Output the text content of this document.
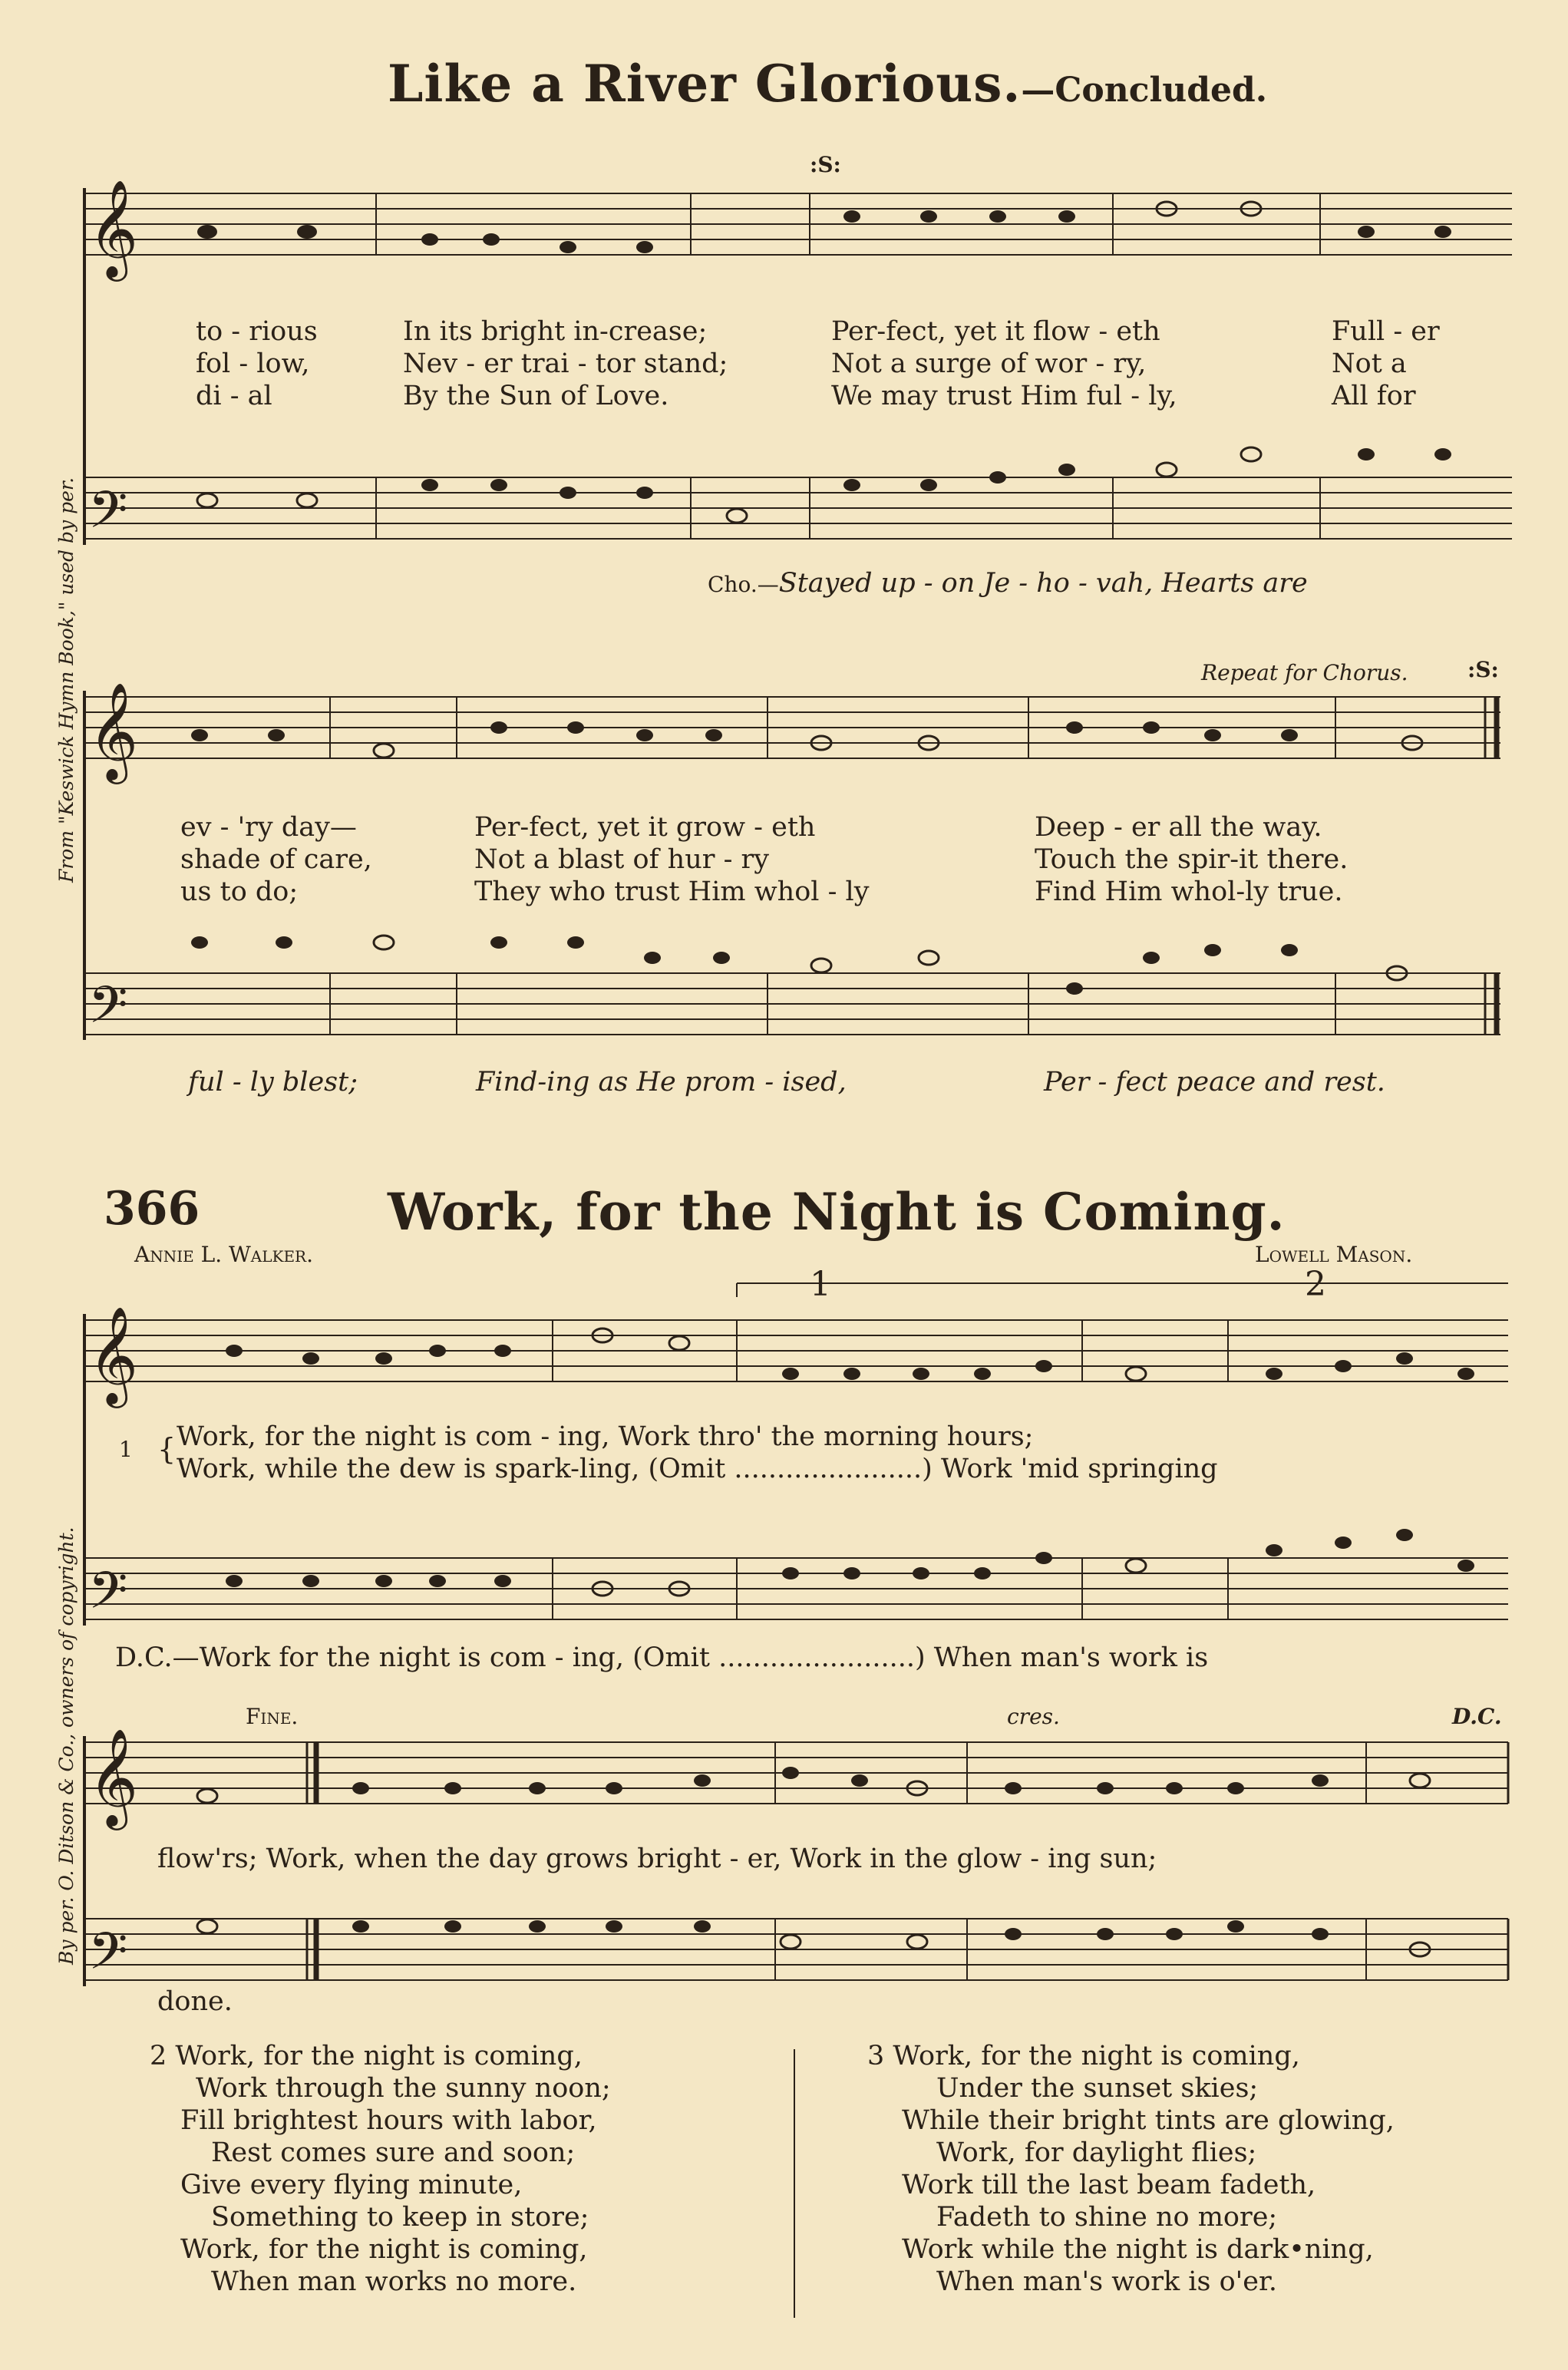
𝄞
𝄢
𝄞
𝄢
𝄞
𝄢
𝄞
𝄢
From "Keswick Hymn Book," used by per.
By per. O. Ditson & Co., owners of copyright.
Like a River Glorious.—Concluded.
:S:
to - rious	In its bright in-crease;	Per-fect, yet it flow - eth	Full - er
fol - low,	Nev - er trai - tor stand;	Not a surge of wor - ry,	Not a
di - al	By the Sun of Love.	We may trust Him ful - ly,	All for
Cho.—Stayed up - on Je - ho - vah, Hearts are
Repeat for Chorus.	:S:
ev - 'ry day—	Per-fect, yet it grow - eth	Deep - er all the way.
shade of care,	Not a blast of hur - ry	Touch the spir-it there.
us to do;	They who trust Him whol - ly	Find Him whol-ly true.
ful - ly blest;	Find-ing as He prom - ised,	Per - fect peace and rest.
366	Work, for the Night is Coming.
Annie L. Walker.	Lowell Mason.
1	2
1 { Work, for the night is com - ing, Work thro' the morning hours;
Work, while the dew is spark-ling, (Omit ......................) Work 'mid springing
D.C.—Work for the night is com - ing, (Omit .......................) When man's work is
Fine.	cres.	D.C.
flow'rs; Work, when the day grows bright - er, Work in the glow - ing sun;
done.
2 Work, for the night is coming,
Work through the sunny noon;
Fill brightest hours with labor,
Rest comes sure and soon;
Give every flying minute,
Something to keep in store;
Work, for the night is coming,
When man works no more.
3 Work, for the night is coming,
Under the sunset skies;
While their bright tints are glowing,
Work, for daylight flies;
Work till the last beam fadeth,
Fadeth to shine no more;
Work while the night is dark•ning,
When man's work is o'er.
